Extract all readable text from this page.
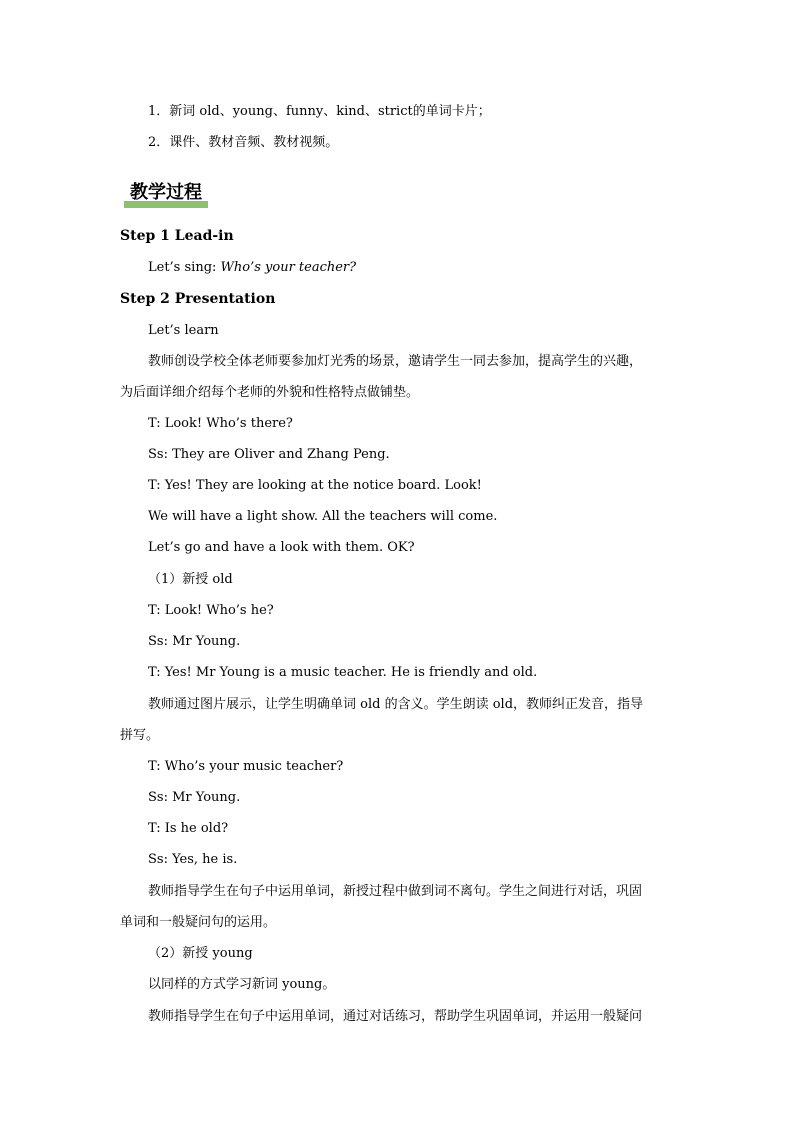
1．新词 old、young、funny、kind、strict的单词卡片；
2．课件、教材音频、教材视频。
教学过程
Step 1 Lead-in
Let’s sing: Who’s your teacher?
Step 2 Presentation
Let’s learn
教师创设学校全体老师要参加灯光秀的场景，邀请学生一同去参加，提高学生的兴趣，
为后面详细介绍每个老师的外貌和性格特点做铺垫。
T: Look! Who’s there?
Ss: They are Oliver and Zhang Peng.
T: Yes! They are looking at the notice board. Look!
We will have a light show. All the teachers will come.
Let’s go and have a look with them. OK?
（1）新授 old
T: Look! Who’s he?
Ss: Mr Young.
T: Yes! Mr Young is a music teacher. He is friendly and old.
教师通过图片展示，让学生明确单词 old 的含义。学生朗读 old，教师纠正发音，指导
拼写。
T: Who’s your music teacher?
Ss: Mr Young.
T: Is he old?
Ss: Yes, he is.
教师指导学生在句子中运用单词，新授过程中做到词不离句。学生之间进行对话，巩固
单词和一般疑问句的运用。
（2）新授 young
以同样的方式学习新词 young。
教师指导学生在句子中运用单词，通过对话练习，帮助学生巩固单词，并运用一般疑问
